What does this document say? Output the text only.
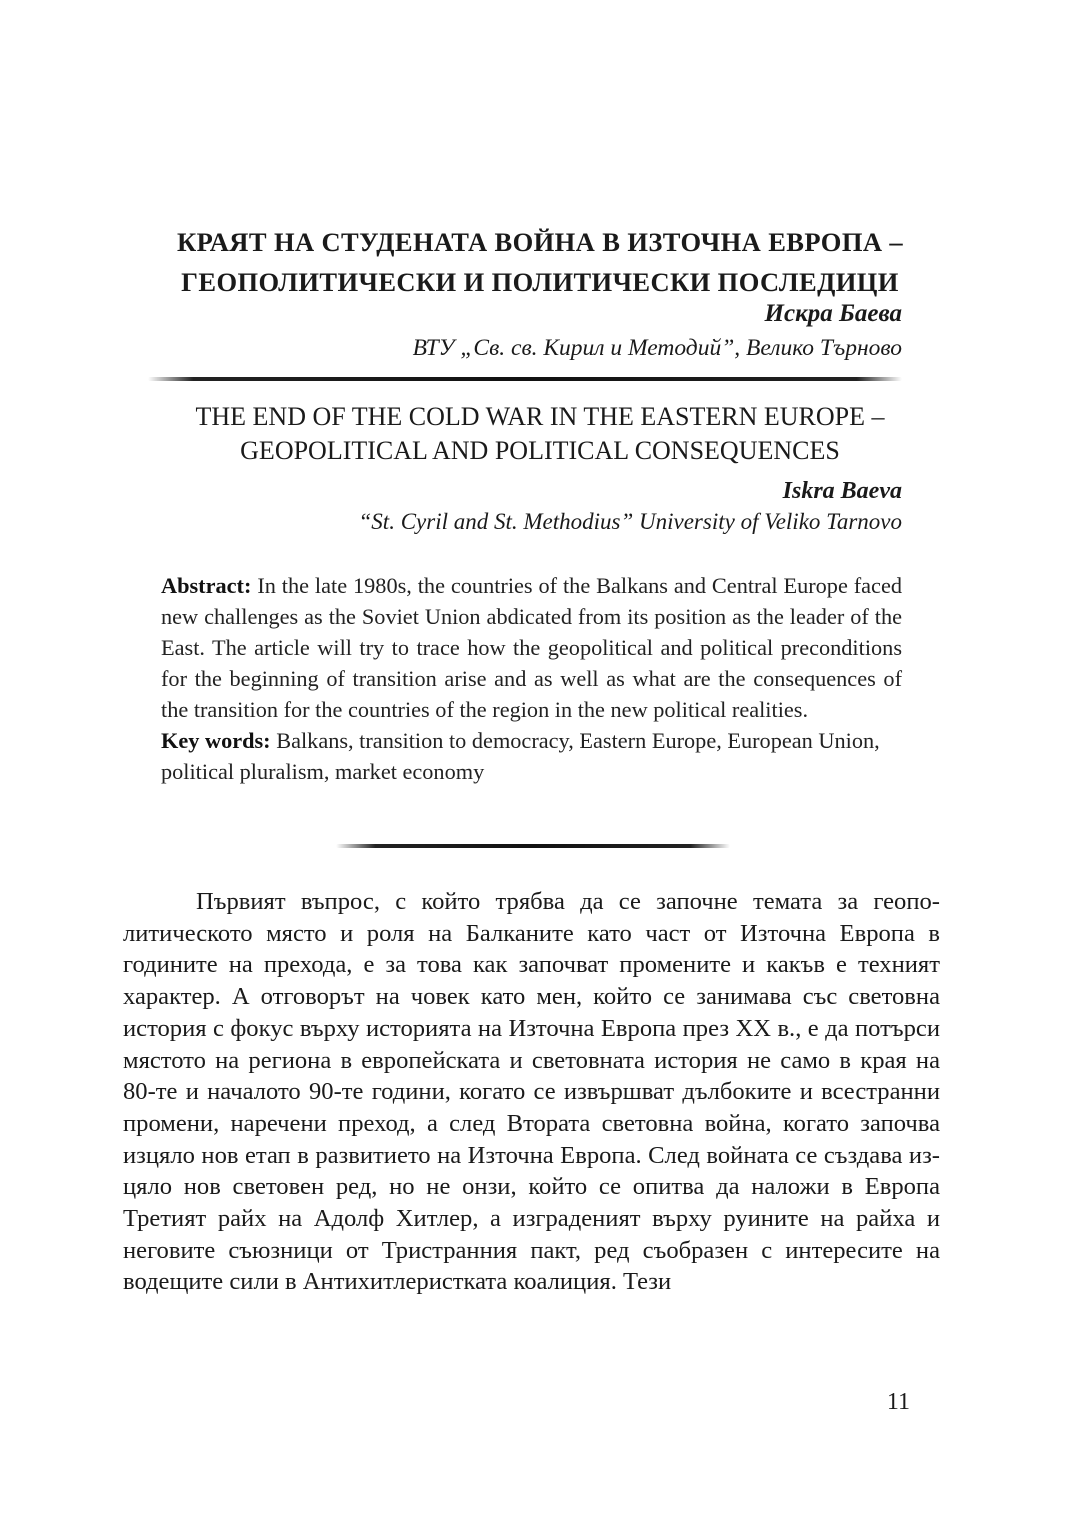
КРАЯТ НА СТУДЕНАТА ВОЙНА В ИЗТОЧНА ЕВРОПА –
ГЕОПОЛИТИЧЕСКИ И ПОЛИТИЧЕСКИ ПОСЛЕДИЦИ
Искра Баева
ВТУ „Св. св. Кирил и Методий”, Велико Търново
THE END OF THE COLD WAR IN THE EASTERN EUROPE –
GEOPOLITICAL AND POLITICAL CONSEQUENCES
Iskra Baeva
“St. Cyril and St. Methodius” University of Veliko Tarnovo

Abstract: In the late 1980s, the countries of the Balkans and Central Europe faced new challenges as the Soviet Union abdicated from its position as the leader of the East. The article will try to trace how the geopolitical and political preconditions for the beginning of transition arise and as well as what are the consequences of the transition for the countries of the region in the new political realities.

Key words: Balkans, transition to democracy, Eastern Europe, European Union, political pluralism, market economy

Първият въпрос, с който трябва да се започне темата за геополитическото място и роля на Балканите като част от Източна Европа в годините на прехода, е за това как започват промените и какъв е техният характер. А отговорът на човек като мен, който се занимава със световна история с фокус върху историята на Източна Европа през ХХ в., е да потърси мястото на региона в европейската и световната история не само в края на 80-те и началото 90-те години, когато се извършват дълбоките и всестранни промени, наречени преход, а след Втората световна война, когато започва изцяло нов етап в развитието на Източна Европа. След войната се създава изцяло нов световен ред, но не онзи, който се опитва да наложи в Европа Третият райх на Адолф Хитлер, а изграденият върху руините на райха и неговите съюзници от Тристранния пакт, ред съобразен с интересите на водещите сили в Антихитлеристката коалиция. Тези

11
